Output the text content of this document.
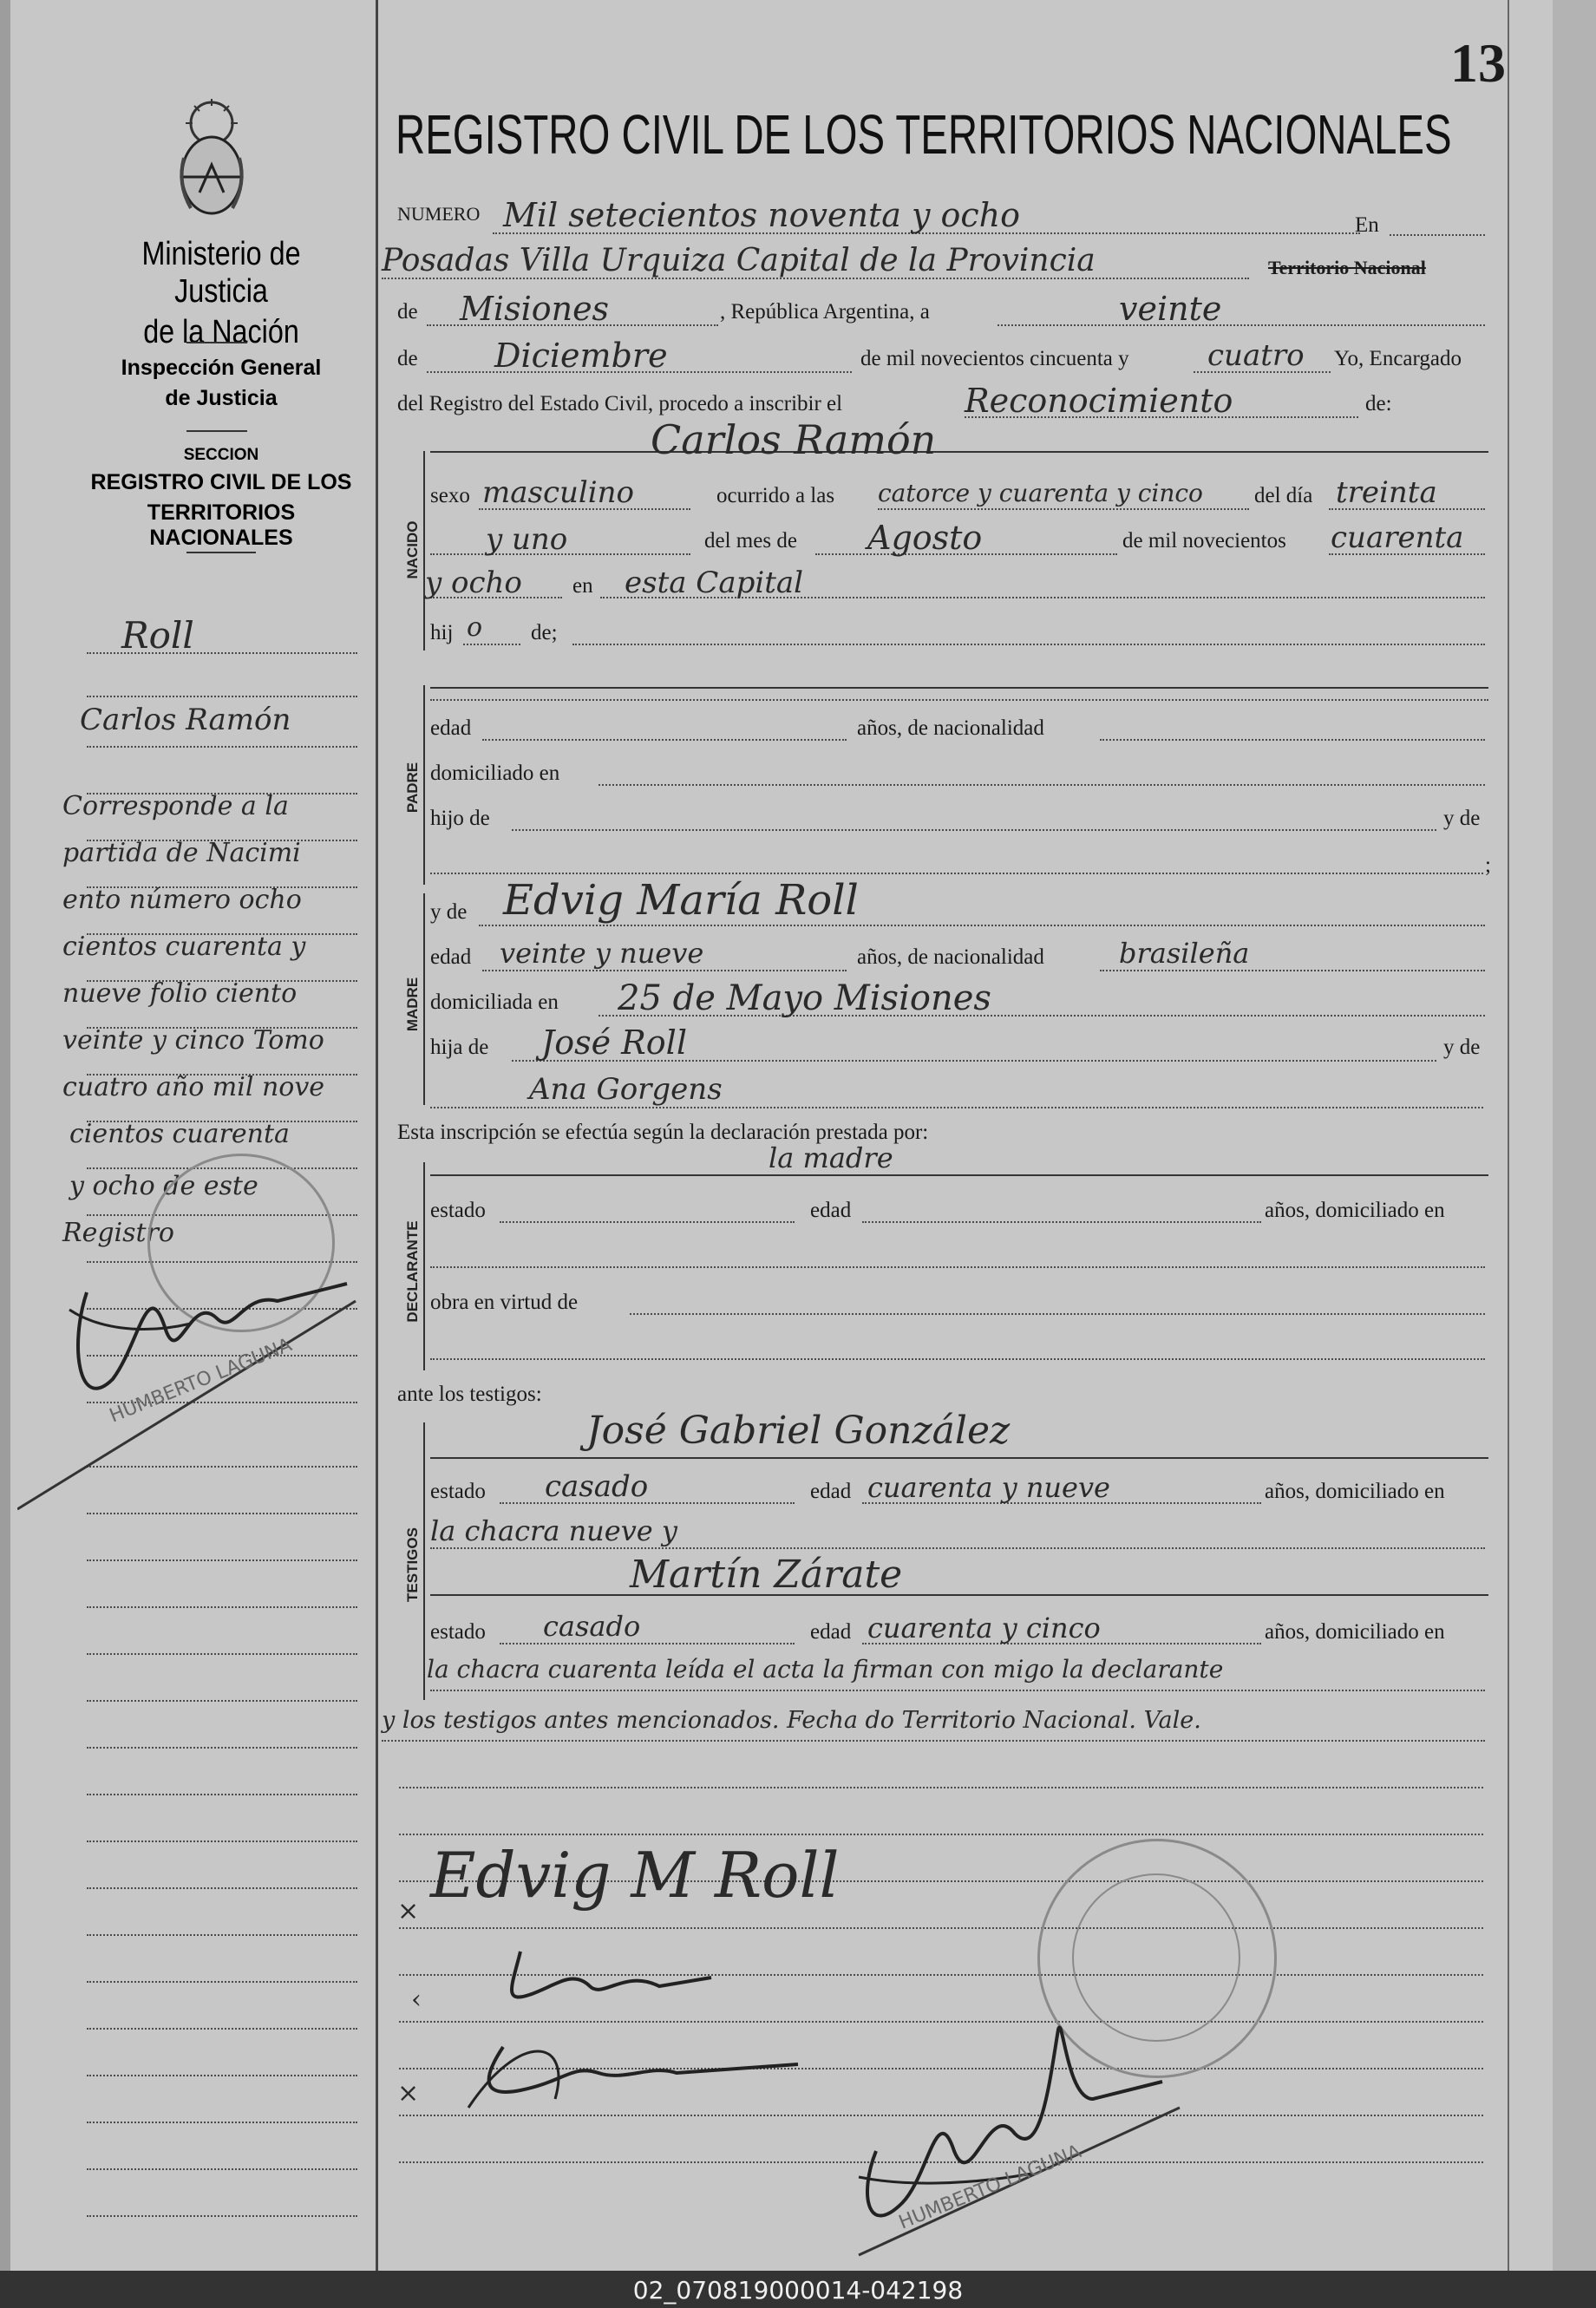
13
Ministerio de Justicia
de la Nación
Inspección General
de Justicia
SECCION
REGISTRO CIVIL DE LOS
TERRITORIOS NACIONALES
Roll
Carlos Ramón
Corresponde a la
partida de Nacimi
ento número ocho
cientos cuarenta y
nueve folio ciento
veinte y cinco Tomo
cuatro año mil nove
cientos cuarenta
y ocho de este
Registro
HUMBERTO LAGUNA
REGISTRO CIVIL DE LOS TERRITORIOS NACIONALES
NUMERO Mil setecientos noventa y ocho	En
Posadas Villa Urquiza Capital de la Provincia	Territorio Nacional
de Misiones	, República Argentina, a	veinte
de Diciembre	de mil novecientos cincuenta y	cuatro Yo, Encargado
del Registro del Estado Civil, procedo a inscribir el	Reconocimiento	de:
NACIDO
Carlos Ramón
sexo masculino	ocurrido a las catorce y cuarenta y cinco del día treinta
y uno	del mes de Agosto	de mil novecientos cuarenta
y ocho en esta Capital
hij o de;
PADRE
edad	años, de nacionalidad
domiciliado en
hijo de	y de
;
MADRE
y de Edvig María Roll
edad veinte y nueve	años, de nacionalidad	brasileña
domiciliada en 25 de Mayo Misiones
hija de José Roll	y de
Ana Gorgens
Esta inscripción se efectúa según la declaración prestada por:
DECLARANTE
la madre
estado	edad	años, domiciliado en
obra en virtud de
ante los testigos:
TESTIGOS
José Gabriel González
estado casado	edad cuarenta y nueve	años, domiciliado en
la chacra nueve y
Martín Zárate
estado casado	edad cuarenta y cinco	años, domiciliado en
la chacra cuarenta leída el acta la firman con migo la declarante
y los testigos antes mencionados. Fecha do Territorio Nacional. Vale.
Edvig M Roll
×
‹
×
HUMBERTO LAGUNA
02_070819000014-042198
